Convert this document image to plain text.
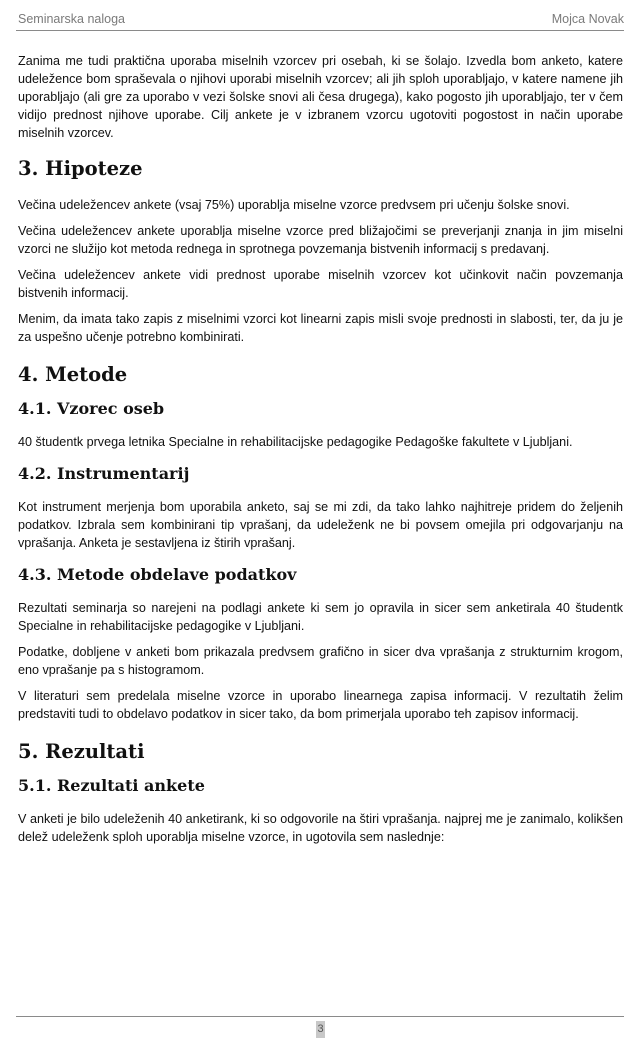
Seminarska naloga	Mojca Novak

Zanima me tudi praktična uporaba miselnih vzorcev pri osebah, ki se šolajo. Izvedla bom anketo, katere udeležence bom spraševala o njihovi uporabi miselnih vzorcev; ali jih sploh uporabljajo, v katere namene jih uporabljajo (ali gre za uporabo v vezi šolske snovi ali česa drugega), kako pogosto jih uporabljajo, ter v čem vidijo prednost njihove uporabe. Cilj ankete je v izbranem vzorcu ugotoviti pogostost in način uporabe miselnih vzorcev.

3. Hipoteze

Večina udeležencev ankete (vsaj 75%) uporablja miselne vzorce predvsem pri učenju šolske snovi.

Večina udeležencev ankete uporablja miselne vzorce pred bližajočimi se preverjanji znanja in jim miselni vzorci ne služijo kot metoda rednega in sprotnega povzemanja bistvenih informacij s predavanj.

Večina udeležencev ankete vidi prednost uporabe miselnih vzorcev kot učinkovit način povzemanja bistvenih informacij.

Menim, da imata tako zapis z miselnimi vzorci kot linearni zapis misli svoje prednosti in slabosti, ter, da ju je za uspešno učenje potrebno kombinirati.

4. Metode
4.1. Vzorec oseb

40 študentk prvega letnika Specialne in rehabilitacijske pedagogike Pedagoške fakultete v Ljubljani.

4.2. Instrumentarij

Kot instrument merjenja bom uporabila anketo, saj se mi zdi, da tako lahko najhitreje pridem do željenih podatkov. Izbrala sem kombinirani tip vprašanj, da udeleženk ne bi povsem omejila pri odgovarjanju na vprašanja. Anketa je sestavljena iz štirih vprašanj.

4.3. Metode obdelave podatkov

Rezultati seminarja so narejeni na podlagi ankete ki sem jo opravila in sicer sem anketirala 40 študentk Specialne in rehabilitacijske pedagogike v Ljubljani.

Podatke, dobljene v anketi bom prikazala predvsem grafično in sicer dva vprašanja z strukturnim krogom, eno vprašanje pa s histogramom.

V literaturi sem predelala miselne vzorce in uporabo linearnega zapisa informacij. V rezultatih želim predstaviti tudi to obdelavo podatkov in sicer tako, da bom primerjala uporabo teh zapisov informacij.

5. Rezultati
5.1. Rezultati ankete

V anketi je bilo udeleženih 40 anketirank, ki so odgovorile na štiri vprašanja. najprej me je zanimalo, kolikšen delež udeleženk sploh uporablja miselne vzorce, in ugotovila sem naslednje:

3
